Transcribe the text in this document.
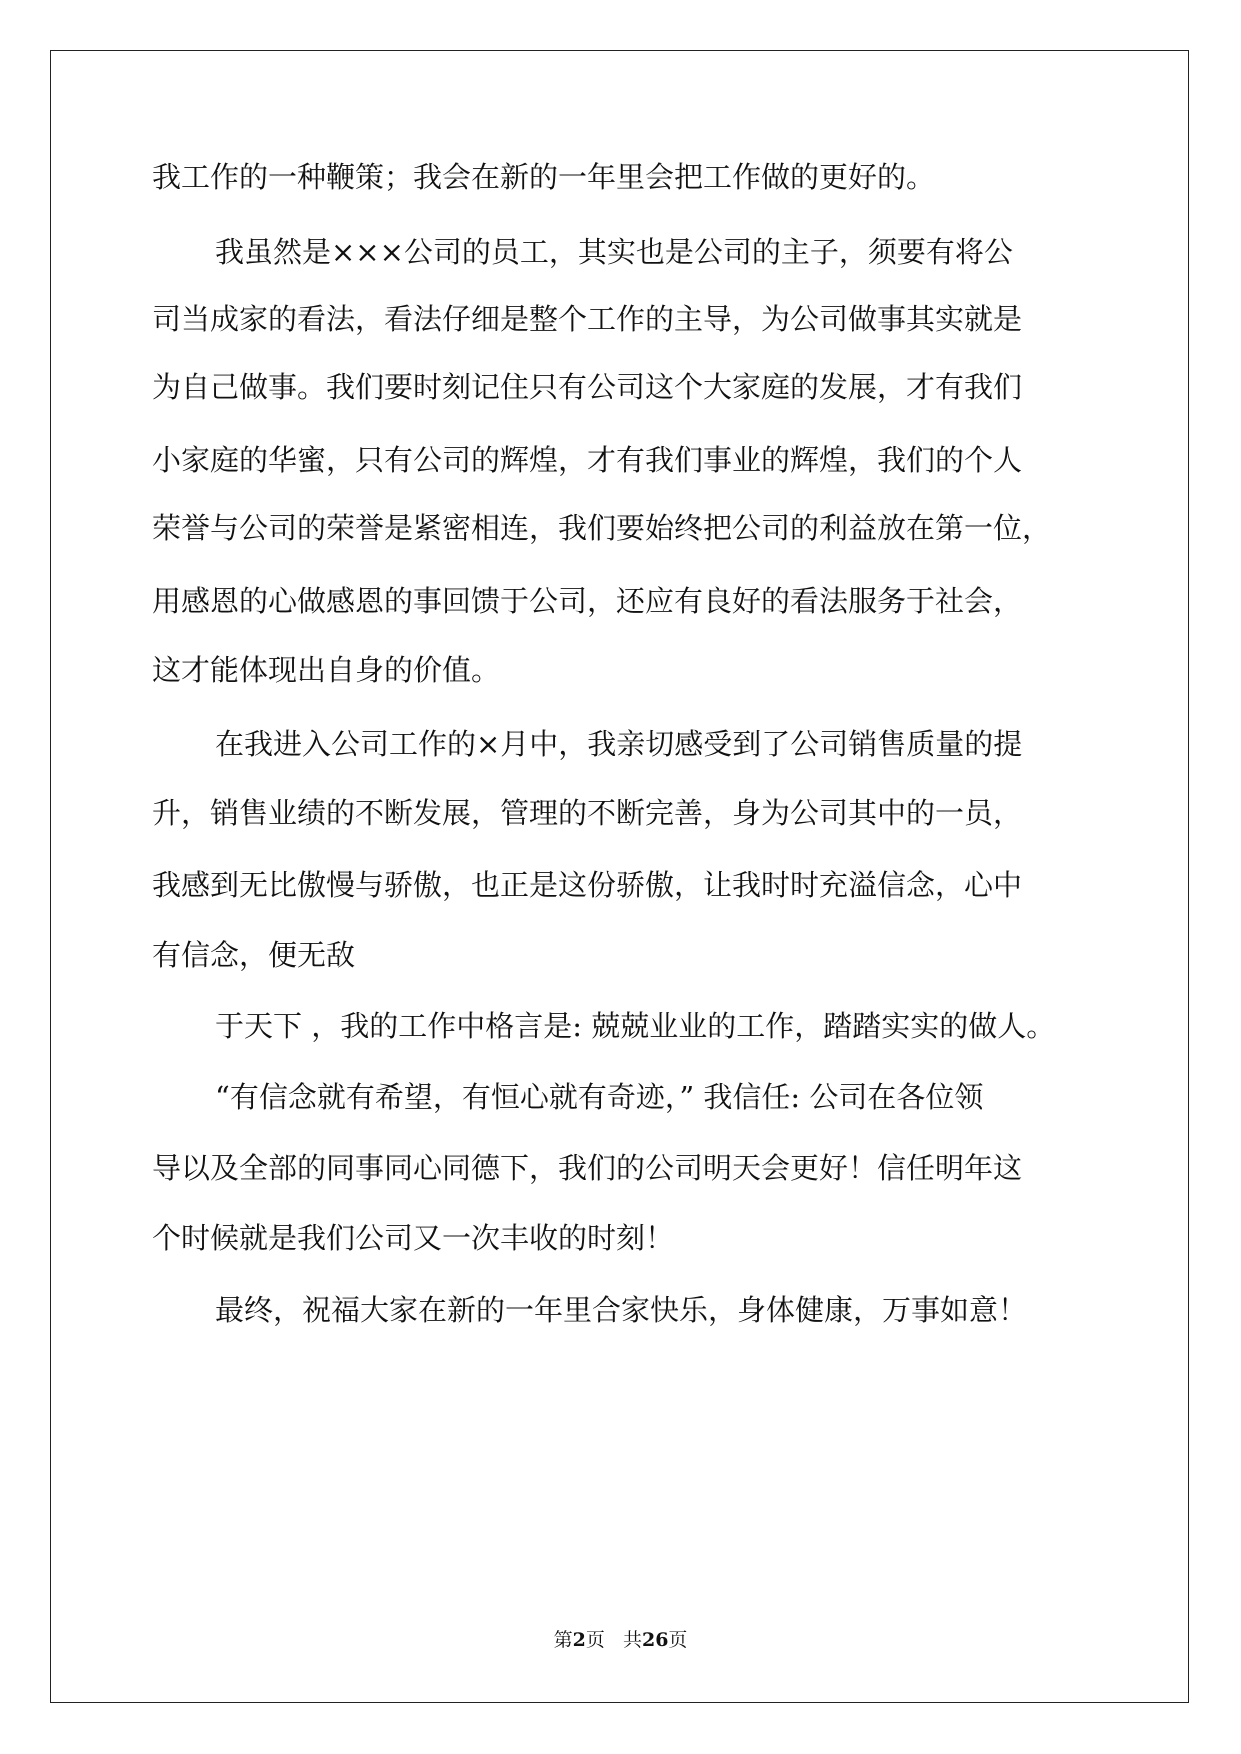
我工作的一种鞭策；我会在新的一年里会把工作做的更好的。
我虽然是×××公司的员工，其实也是公司的主子，须要有将公
司当成家的看法，看法仔细是整个工作的主导，为公司做事其实就是
为自己做事。我们要时刻记住只有公司这个大家庭的发展，才有我们
小家庭的华蜜，只有公司的辉煌，才有我们事业的辉煌，我们的个人
荣誉与公司的荣誉是紧密相连，我们要始终把公司的利益放在第一位，
用感恩的心做感恩的事回馈于公司，还应有良好的看法服务于社会，
这才能体现出自身的价值。
在我进入公司工作的×月中，我亲切感受到了公司销售质量的提
升，销售业绩的不断发展，管理的不断完善，身为公司其中的一员，
我感到无比傲慢与骄傲，也正是这份骄傲，让我时时充溢信念，心中
有信念，便无敌
于天下 ，我的工作中格言是: 兢兢业业的工作，踏踏实实的做人。
“有信念就有希望，有恒心就有奇迹，” 我信任: 公司在各位领
导以及全部的同事同心同德下，我们的公司明天会更好！信任明年这
个时候就是我们公司又一次丰收的时刻！
最终，祝福大家在新的一年里合家快乐，身体健康，万事如意！
第2页 共26页
